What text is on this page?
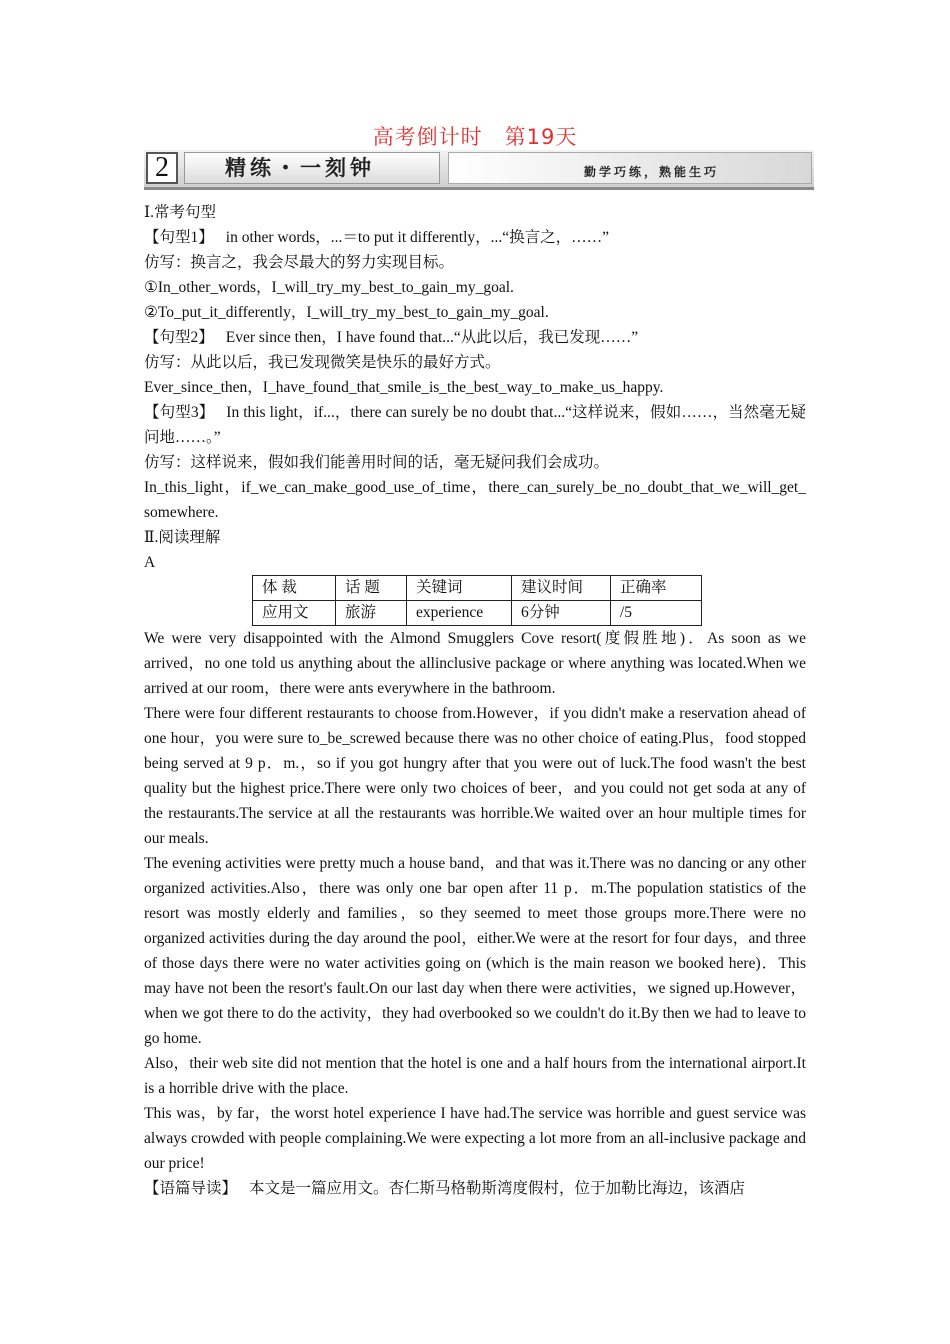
高考倒计时　第19天
2	精练・一刻钟	勤学巧练，熟能生巧

Ⅰ.常考句型

【句型1】 in other words，...＝to put it differently，...“换言之，……”

仿写：换言之，我会尽最大的努力实现目标。

①In_other_words，I_will_try_my_best_to_gain_my_goal.

②To_put_it_differently，I_will_try_my_best_to_gain_my_goal.

【句型2】 Ever since then，I have found that...“从此以后，我已发现……”

仿写：从此以后，我已发现微笑是快乐的最好方式。

Ever_since_then，I_have_found_that_smile_is_the_best_way_to_make_us_happy.

【句型3】 In this light，if...，there can surely be no doubt that...“这样说来，假如……，当然毫无疑问地……。”

仿写：这样说来，假如我们能善用时间的话，毫无疑问我们会成功。

In_this_light，if_we_can_make_good_use_of_time，there_can_surely_be_no_doubt_that_we_will_get_somewhere.

Ⅱ.阅读理解

A

体 裁	话 题	关键词	建议时间	正确率
应用文	旅游	experience	6分钟	/5

We were very disappointed with the Almond Smugglers Cove resort(度假胜地)．As soon as we arrived，no one told us anything about the allinclusive package or where anything was located.When we arrived at our room，there were ants everywhere in the bathroom.

There were four different restaurants to choose from.However，if you didn't make a reservation ahead of one hour，you were sure to_be_screwed because there was no other choice of eating.Plus，food stopped being served at 9 p．m.，so if you got hungry after that you were out of luck.The food wasn't the best quality but the highest price.There were only two choices of beer，and you could not get soda at any of the restaurants.The service at all the restaurants was horrible.We waited over an hour multiple times for our meals.

The evening activities were pretty much a house band，and that was it.There was no dancing or any other organized activities.Also，there was only one bar open after 11 p．m.The population statistics of the resort was mostly elderly and families，so they seemed to meet those groups more.There were no organized activities during the day around the pool，either.We were at the resort for four days，and three of those days there were no water activities going on (which is the main reason we booked here)．This may have not been the resort's fault.On our last day when there were activities，we signed up.However，when we got there to do the activity，they had overbooked so we couldn't do it.By then we had to leave to go home.

Also，their web site did not mention that the hotel is one and a half hours from the international airport.It is a horrible drive with the place.

This was，by far，the worst hotel experience I have had.The service was horrible and guest service was always crowded with people complaining.We were expecting a lot more from an all-inclusive package and our price!

【语篇导读】 本文是一篇应用文。杏仁斯马格勒斯湾度假村，位于加勒比海边，该酒店
